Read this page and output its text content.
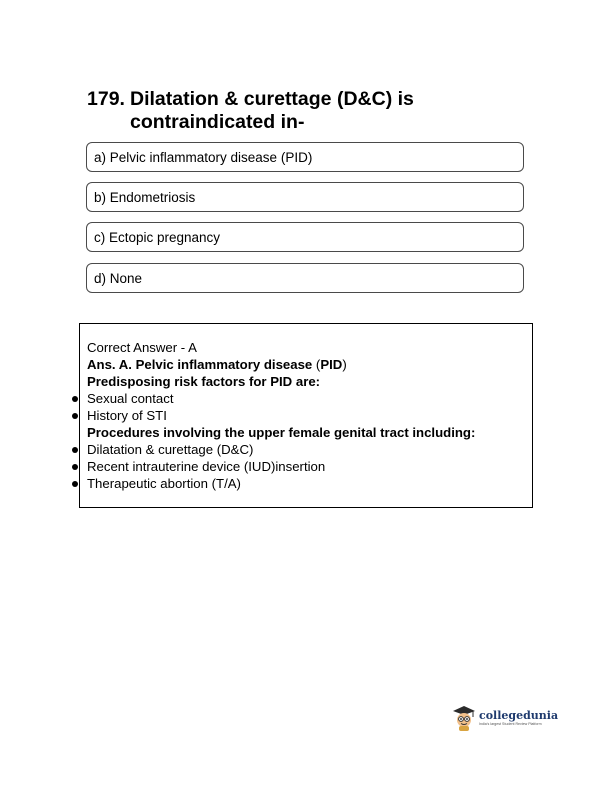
179. Dilatation & curettage (D&C) is contraindicated in-
a) Pelvic inflammatory disease (PID)
b) Endometriosis
c) Ectopic pregnancy
d) None
Correct Answer - A
Ans. A. Pelvic inflammatory disease (PID)
Predisposing risk factors for PID are:
Sexual contact
History of STI
Procedures involving the upper female genital tract including:
Dilatation & curettage (D&C)
Recent intrauterine device (IUD)insertion
Therapeutic abortion (T/A)
collegedunia
India's largest Student Review Platform
